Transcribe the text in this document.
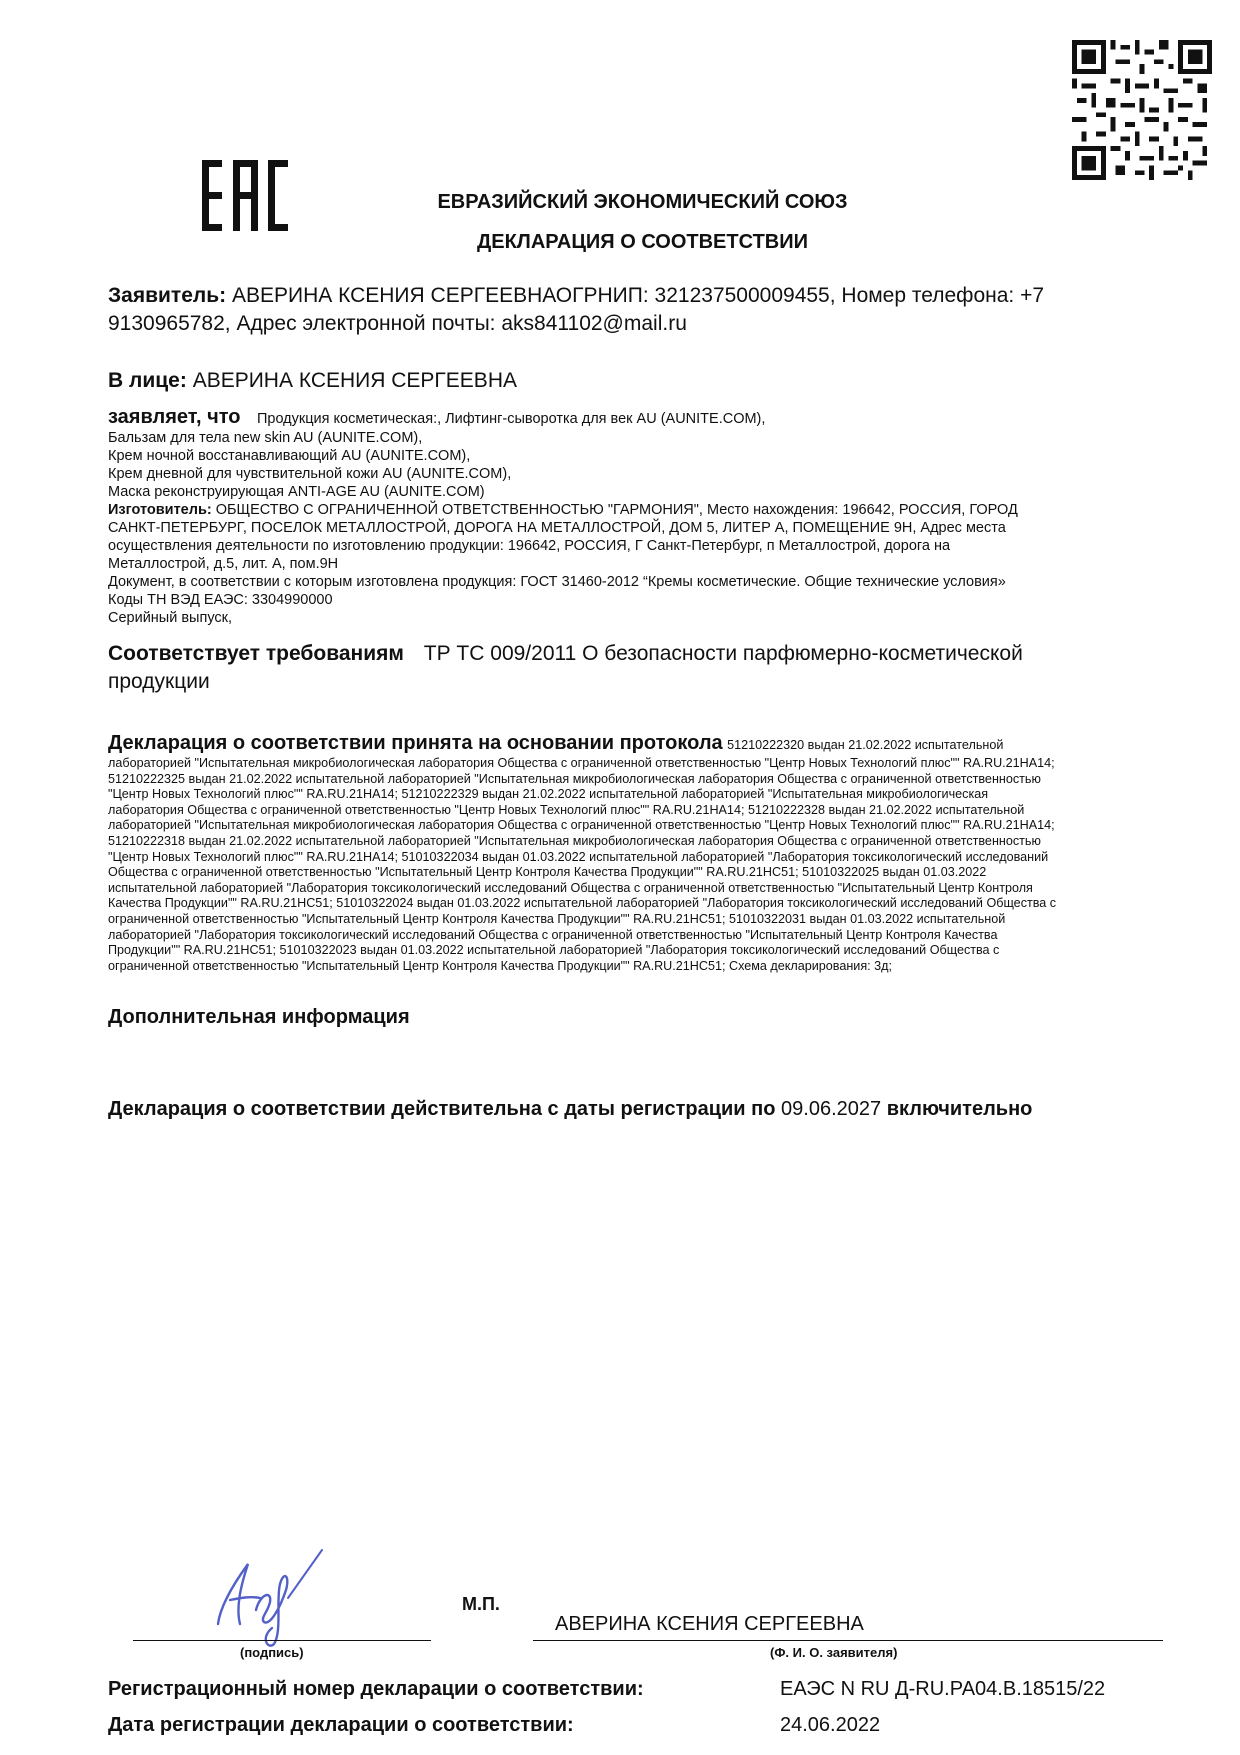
ЕВРАЗИЙСКИЙ ЭКОНОМИЧЕСКИЙ СОЮЗ
ДЕКЛАРАЦИЯ О СООТВЕТСТВИИ
Заявитель: АВЕРИНА КСЕНИЯ СЕРГЕЕВНАОГРНИП: 321237500009455, Номер телефона: +7
9130965782, Адрес электронной почты: aks841102@mail.ru
В лице: АВЕРИНА КСЕНИЯ СЕРГЕЕВНА
заявляет, что Продукция косметическая:, Лифтинг-сыворотка для век AU (AUNITE.COM),
Бальзам для тела new skin AU (AUNITE.COM),
Крем ночной восстанавливающий AU (AUNITE.COM),
Крем дневной для чувствительной кожи AU (AUNITE.COM),
Маска реконструирующая ANTI-AGE AU (AUNITE.COM)
Изготовитель: ОБЩЕСТВО С ОГРАНИЧЕННОЙ ОТВЕТСТВЕННОСТЬЮ "ГАРМОНИЯ", Место нахождения: 196642, РОССИЯ, ГОРОД
САНКТ-ПЕТЕРБУРГ, ПОСЕЛОК МЕТАЛЛОСТРОЙ, ДОРОГА НА МЕТАЛЛОСТРОЙ, ДОМ 5, ЛИТЕР А, ПОМЕЩЕНИЕ 9Н, Адрес места
осуществления деятельности по изготовлению продукции: 196642, РОССИЯ, Г Санкт-Петербург, п Металлострой, дорога на
Металлострой, д.5, лит. А, пом.9Н
Документ, в соответствии с которым изготовлена продукция: ГОСТ 31460-2012 “Кремы косметические. Общие технические условия»
Коды ТН ВЭД ЕАЭС: 3304990000
Серийный выпуск,
Соответствует требованиям ТР ТС 009/2011 О безопасности парфюмерно-косметической
продукции
Декларация о соответствии принята на основании протокола 51210222320 выдан 21.02.2022 испытательной
лабораторией "Испытательная микробиологическая лаборатория Общества с ограниченной ответственностью "Центр Новых Технологий плюс"" RA.RU.21НА14;
51210222325 выдан 21.02.2022 испытательной лабораторией "Испытательная микробиологическая лаборатория Общества с ограниченной ответственностью
"Центр Новых Технологий плюс"" RA.RU.21НА14; 51210222329 выдан 21.02.2022 испытательной лабораторией "Испытательная микробиологическая
лаборатория Общества с ограниченной ответственностью "Центр Новых Технологий плюс"" RA.RU.21НА14; 51210222328 выдан 21.02.2022 испытательной
лабораторией "Испытательная микробиологическая лаборатория Общества с ограниченной ответственностью "Центр Новых Технологий плюс"" RA.RU.21НА14;
51210222318 выдан 21.02.2022 испытательной лабораторией "Испытательная микробиологическая лаборатория Общества с ограниченной ответственностью
"Центр Новых Технологий плюс"" RA.RU.21НА14; 51010322034 выдан 01.03.2022 испытательной лабораторией "Лаборатория токсикологический исследований
Общества с ограниченной ответственностью "Испытательный Центр Контроля Качества Продукции"" RA.RU.21НС51; 51010322025 выдан 01.03.2022
испытательной лабораторией "Лаборатория токсикологический исследований Общества с ограниченной ответственностью "Испытательный Центр Контроля
Качества Продукции"" RA.RU.21НС51; 51010322024 выдан 01.03.2022 испытательной лабораторией "Лаборатория токсикологический исследований Общества с
ограниченной ответственностью "Испытательный Центр Контроля Качества Продукции"" RA.RU.21НС51; 51010322031 выдан 01.03.2022 испытательной
лабораторией "Лаборатория токсикологический исследований Общества с ограниченной ответственностью "Испытательный Центр Контроля Качества
Продукции"" RA.RU.21НС51; 51010322023 выдан 01.03.2022 испытательной лабораторией "Лаборатория токсикологический исследований Общества с
ограниченной ответственностью "Испытательный Центр Контроля Качества Продукции"" RA.RU.21НС51; Схема декларирования: 3д;
Дополнительная информация
Декларация о соответствии действительна с даты регистрации по 09.06.2027 включительно
М.П.
АВЕРИНА КСЕНИЯ СЕРГЕЕВНА
(подпись)	(Ф. И. О. заявителя)
Регистрационный номер декларации о соответствии:	ЕАЭС N RU Д-RU.РА04.В.18515/22
Дата регистрации декларации о соответствии:	24.06.2022
